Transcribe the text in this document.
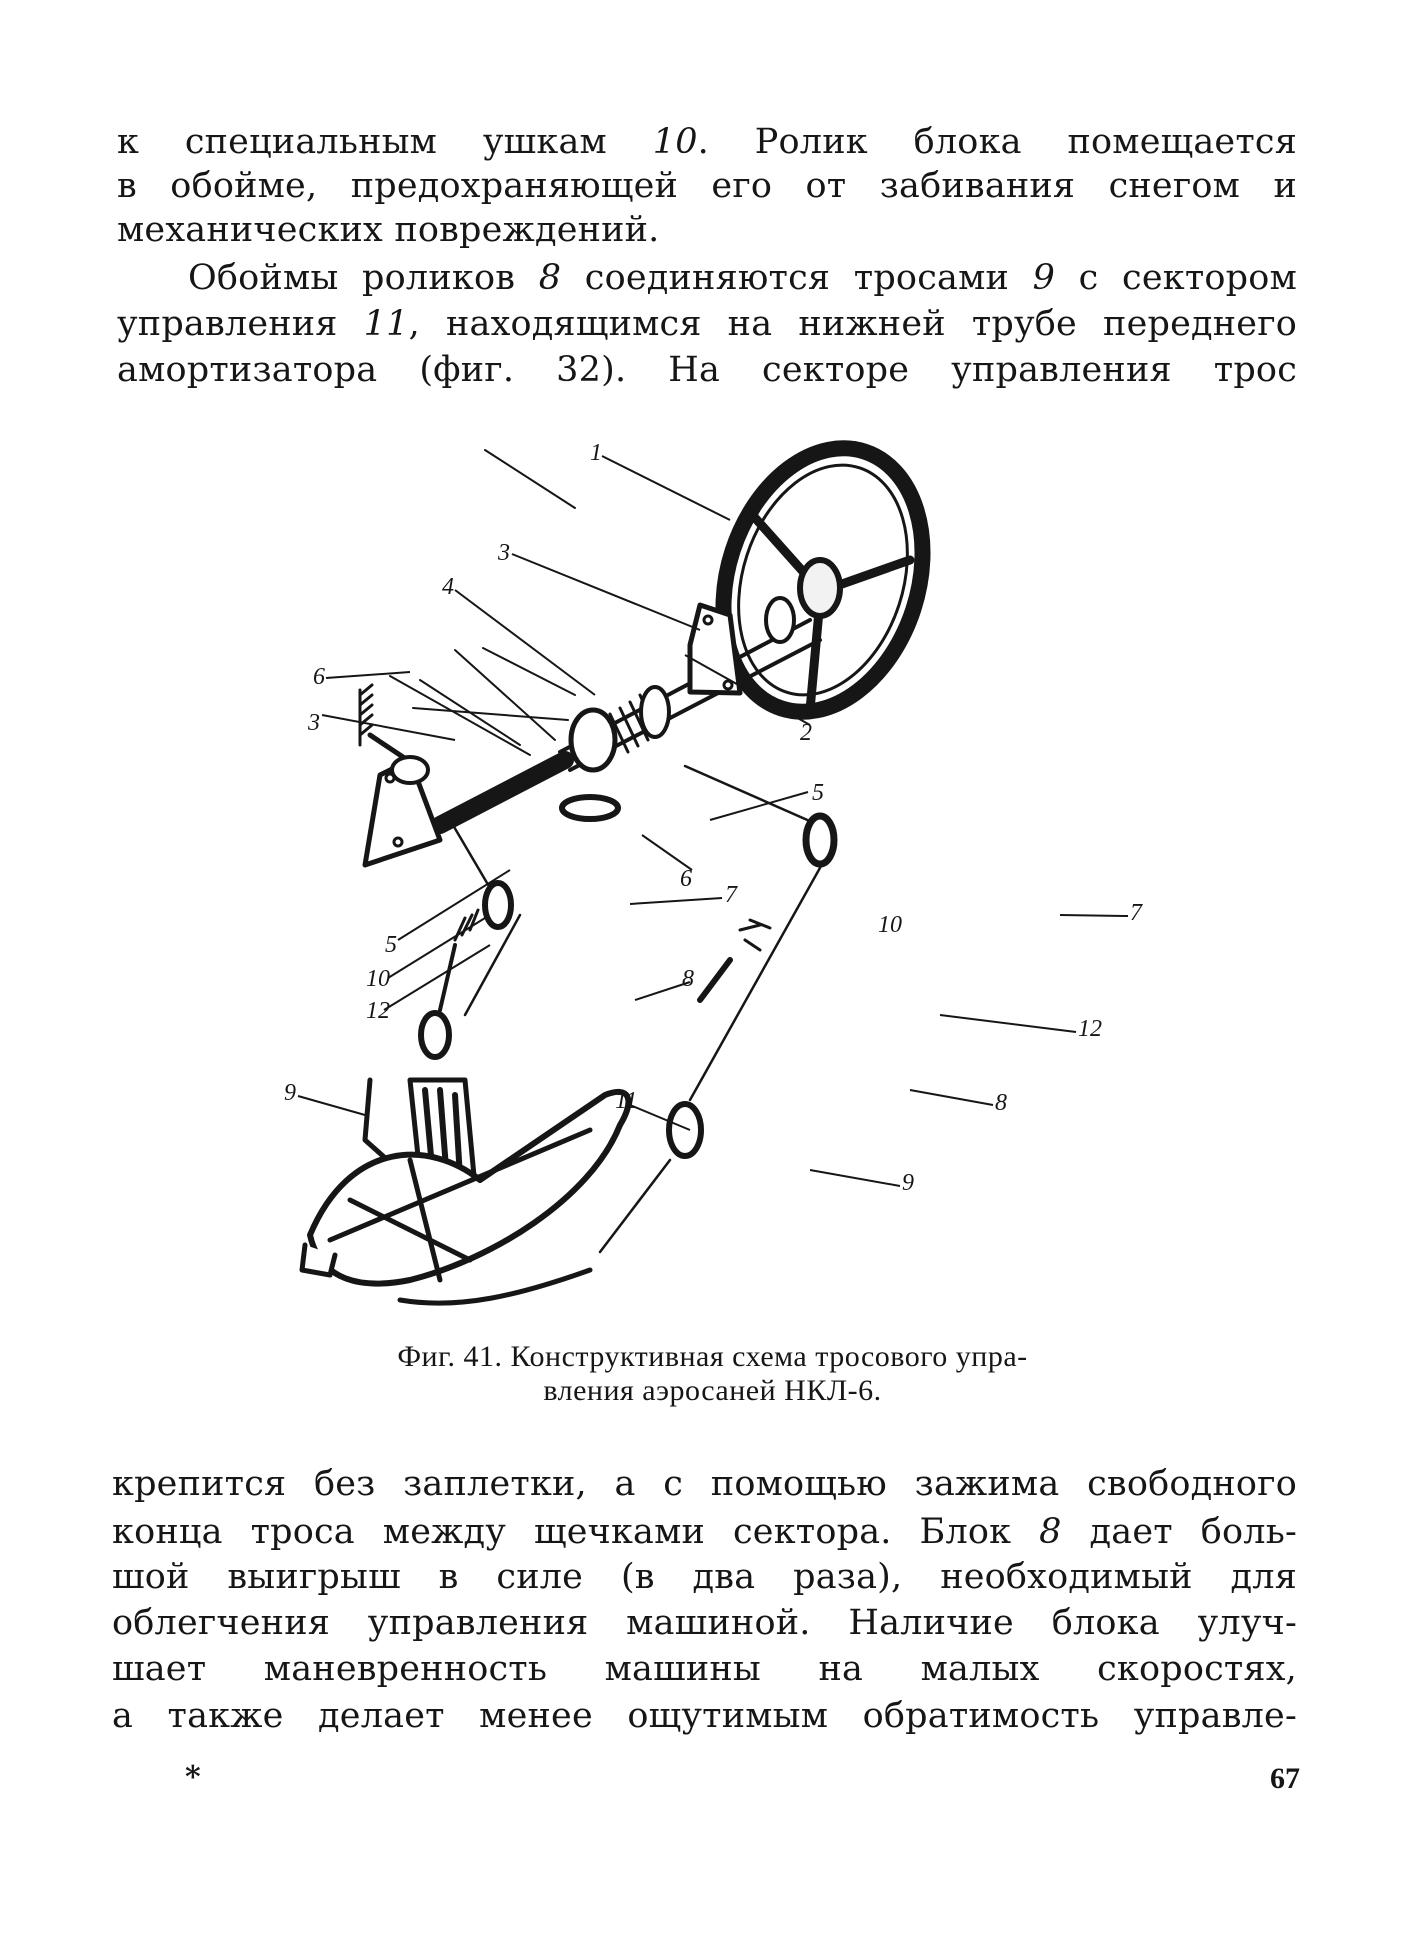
к специальным ушкам 10. Ролик блока помещается
в обойме, предохраняющей его от забивания снегом и
механических повреждений.
Обоймы роликов 8 соединяются тросами 9 с сектором
управления 11, находящимся на нижней трубе переднего
амортизатора (фиг. 32). На секторе управления трос
1
2
3
4
3
6
5
5
6
7
7
8
8
10
10
12
12
9
9
11
Фиг. 41. Конструктивная схема тросового упра-
вления аэросаней НКЛ-6.
крепится без заплетки, а с помощью зажима свободного
конца троса между щечками сектора. Блок 8 дает боль-
шой выигрыш в силе (в два раза), необходимый для
облегчения управления машиной. Наличие блока улуч-
шает маневренность машины на малых скоростях,
а также делает менее ощутимым обратимость управле-
*	67
